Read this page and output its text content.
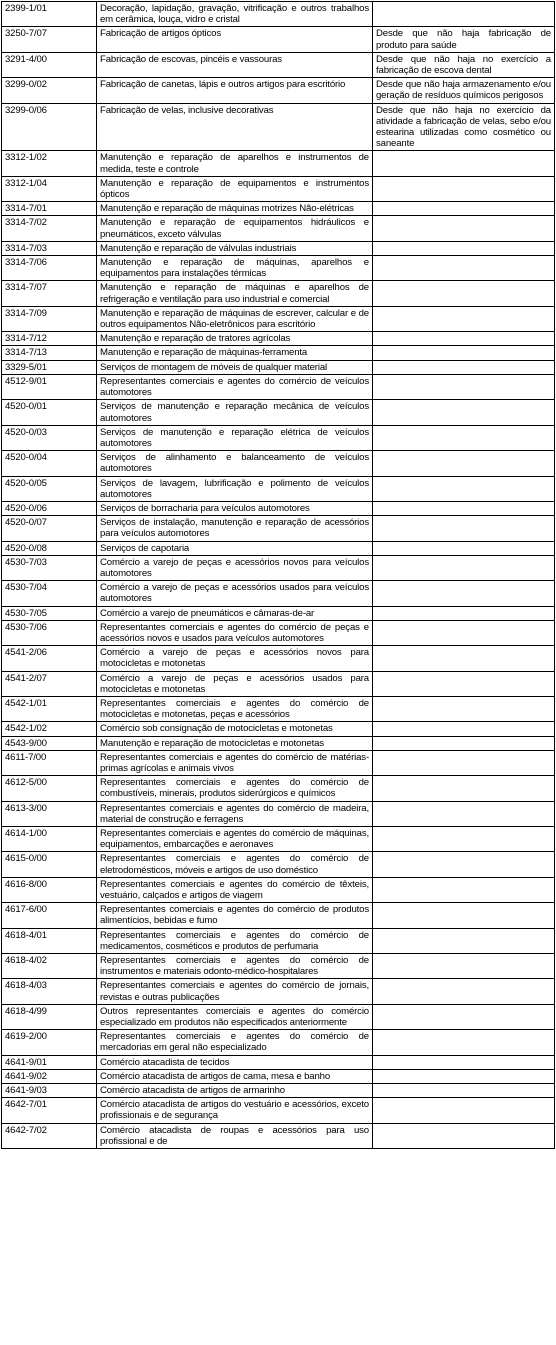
2399-1/01	Decoração, lapidação, gravação, vitrificação e outros trabalhos em cerâmica, louça, vidro e cristal	
3250-7/07	Fabricação de artigos ópticos	Desde que não haja fabricação de produto para saúde
3291-4/00	Fabricação de escovas, pincéis e vassouras	Desde que não haja no exercício a fabricação de escova dental
3299-0/02	Fabricação de canetas, lápis e outros artigos para escritório	Desde que não haja armazenamento e/ou geração de resíduos químicos perigosos
3299-0/06	Fabricação de velas, inclusive decorativas	Desde que não haja no exercício da atividade a fabricação de velas, sebo e/ou estearina utilizadas como cosmético ou saneante
3312-1/02	Manutenção e reparação de aparelhos e instrumentos de medida, teste e controle	
3312-1/04	Manutenção e reparação de equipamentos e instrumentos ópticos	
3314-7/01	Manutenção e reparação de máquinas motrizes Não-elétricas	
3314-7/02	Manutenção e reparação de equipamentos hidráulicos e pneumáticos, exceto válvulas	
3314-7/03	Manutenção e reparação de válvulas industriais	
3314-7/06	Manutenção e reparação de máquinas, aparelhos e equipamentos para instalações térmicas	
3314-7/07	Manutenção e reparação de máquinas e aparelhos de refrigeração e ventilação para uso industrial e comercial	
3314-7/09	Manutenção e reparação de máquinas de escrever, calcular e de outros equipamentos Não-eletrônicos para escritório	
3314-7/12	Manutenção e reparação de tratores agrícolas	
3314-7/13	Manutenção e reparação de máquinas-ferramenta	
3329-5/01	Serviços de montagem de móveis de qualquer material	
4512-9/01	Representantes comerciais e agentes do comércio de veículos automotores	
4520-0/01	Serviços de manutenção e reparação mecânica de veículos automotores	
4520-0/03	Serviços de manutenção e reparação elétrica de veículos automotores	
4520-0/04	Serviços de alinhamento e balanceamento de veículos automotores	
4520-0/05	Serviços de lavagem, lubrificação e polimento de veículos automotores	
4520-0/06	Serviços de borracharia para veículos automotores	
4520-0/07	Serviços de instalação, manutenção e reparação de acessórios para veículos automotores	
4520-0/08	Serviços de capotaria	
4530-7/03	Comércio a varejo de peças e acessórios novos para veículos automotores	
4530-7/04	Comércio a varejo de peças e acessórios usados para veículos automotores	
4530-7/05	Comércio a varejo de pneumáticos e câmaras-de-ar	
4530-7/06	Representantes comerciais e agentes do comércio de peças e acessórios novos e usados para veículos automotores	
4541-2/06	Comércio a varejo de peças e acessórios novos para motocicletas e motonetas	
4541-2/07	Comércio a varejo de peças e acessórios usados para motocicletas e motonetas	
4542-1/01	Representantes comerciais e agentes do comércio de motocicletas e motonetas, peças e acessórios	
4542-1/02	Comércio sob consignação de motocicletas e motonetas	
4543-9/00	Manutenção e reparação de motocicletas e motonetas	
4611-7/00	Representantes comerciais e agentes do comércio de matérias-primas agrícolas e animais vivos	
4612-5/00	Representantes comerciais e agentes do comércio de combustíveis, minerais, produtos siderúrgicos e químicos	
4613-3/00	Representantes comerciais e agentes do comércio de madeira, material de construção e ferragens	
4614-1/00	Representantes comerciais e agentes do comércio de máquinas, equipamentos, embarcações e aeronaves	
4615-0/00	Representantes comerciais e agentes do comércio de eletrodomésticos, móveis e artigos de uso doméstico	
4616-8/00	Representantes comerciais e agentes do comércio de têxteis, vestuário, calçados e artigos de viagem	
4617-6/00	Representantes comerciais e agentes do comércio de produtos alimentícios, bebidas e fumo	
4618-4/01	Representantes comerciais e agentes do comércio de medicamentos, cosméticos e produtos de perfumaria	
4618-4/02	Representantes comerciais e agentes do comércio de instrumentos e materiais odonto-médico-hospitalares	
4618-4/03	Representantes comerciais e agentes do comércio de jornais, revistas e outras publicações	
4618-4/99	Outros representantes comerciais e agentes do comércio especializado em produtos não especificados anteriormente	
4619-2/00	Representantes comerciais e agentes do comércio de mercadorias em geral não especializado	
4641-9/01	Comércio atacadista de tecidos	
4641-9/02	Comércio atacadista de artigos de cama, mesa e banho	
4641-9/03	Comércio atacadista de artigos de armarinho	
4642-7/01	Comércio atacadista de artigos do vestuário e acessórios, exceto profissionais e de segurança	
4642-7/02	Comércio atacadista de roupas e acessórios para uso profissional e de	
